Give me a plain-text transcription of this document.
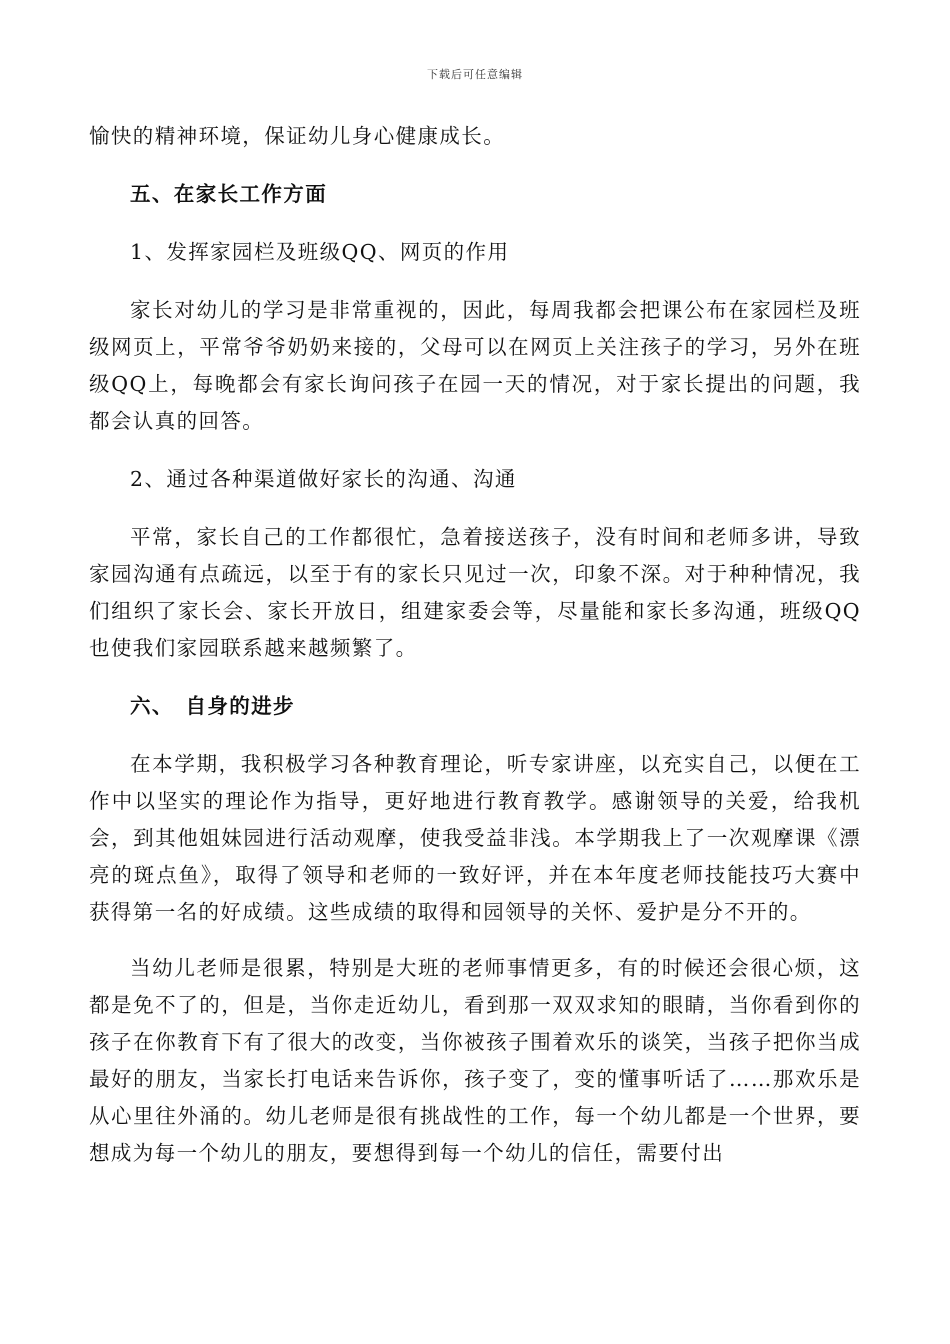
下载后可任意编辑

愉快的精神环境，保证幼儿身心健康成长。

五、在家长工作方面

1、发挥家园栏及班级QQ、网页的作用

家长对幼儿的学习是非常重视的，因此，每周我都会把课公布在家园栏及班级网页上，平常爷爷奶奶来接的，父母可以在网页上关注孩子的学习，另外在班级QQ上，每晚都会有家长询问孩子在园一天的情况，对于家长提出的问题，我都会认真的回答。

2、通过各种渠道做好家长的沟通、沟通

平常，家长自己的工作都很忙，急着接送孩子，没有时间和老师多讲，导致家园沟通有点疏远，以至于有的家长只见过一次，印象不深。对于种种情况，我们组织了家长会、家长开放日，组建家委会等，尽量能和家长多沟通，班级QQ也使我们家园联系越来越频繁了。

六、　自身的进步

在本学期，我积极学习各种教育理论，听专家讲座，以充实自己，以便在工作中以坚实的理论作为指导，更好地进行教育教学。感谢领导的关爱，给我机会，到其他姐妹园进行活动观摩，使我受益非浅。本学期我上了一次观摩课《漂亮的斑点鱼》，取得了领导和老师的一致好评，并在本年度老师技能技巧大赛中获得第一名的好成绩。这些成绩的取得和园领导的关怀、爱护是分不开的。

当幼儿老师是很累，特别是大班的老师事情更多，有的时候还会很心烦，这都是免不了的，但是，当你走近幼儿，看到那一双双求知的眼睛，当你看到你的孩子在你教育下有了很大的改变，当你被孩子围着欢乐的谈笑，当孩子把你当成最好的朋友，当家长打电话来告诉你，孩子变了，变的懂事听话了……那欢乐是从心里往外涌的。幼儿老师是很有挑战性的工作，每一个幼儿都是一个世界，要想成为每一个幼儿的朋友，要想得到每一个幼儿的信任，需要付出
